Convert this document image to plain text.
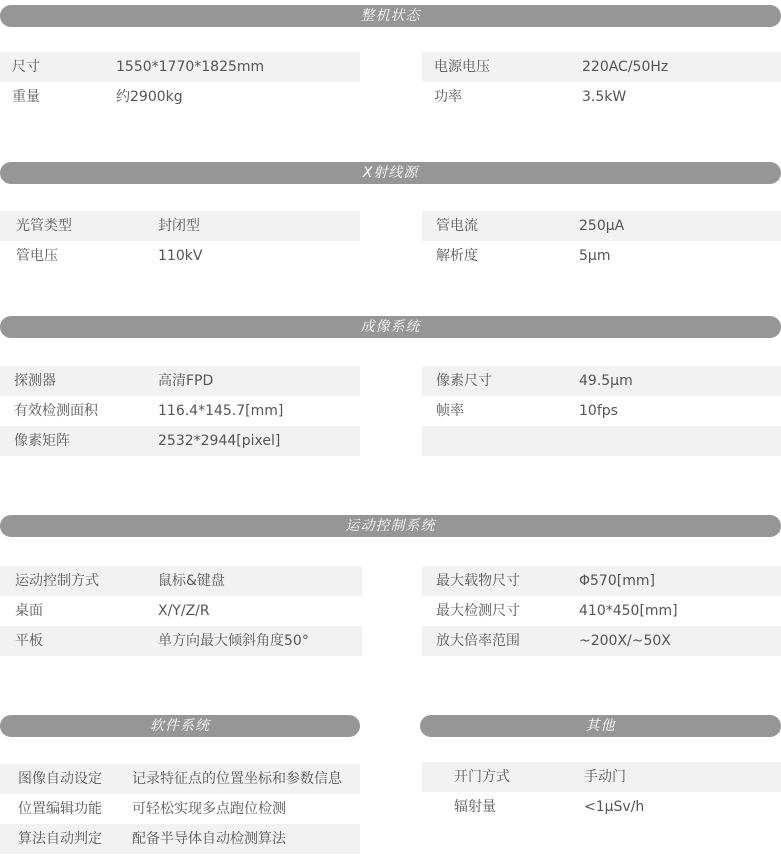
整机状态
尺寸	1550*1770*1825mm
重量	约2900kg
电源电压	220AC/50Hz
功率	3.5kW
X射线源
光管类型	封闭型
管电压	110kV
管电流	250μA
解析度	5μm
成像系统
探测器	高清FPD
有效检测面积	116.4*145.7[mm]
像素矩阵	2532*2944[pixel]
像素尺寸	49.5μm
帧率	10fps
运动控制系统
运动控制方式	鼠标&键盘
桌面	X/Y/Z/R
平板	单方向最大倾斜角度50°
最大载物尺寸	Φ570[mm]
最大检测尺寸	410*450[mm]
放大倍率范围	~200X/~50X
软件系统
图像自动设定 记录特征点的位置坐标和参数信息
位置编辑功能 可轻松实现多点跑位检测
算法自动判定 配备半导体自动检测算法
其他
开门方式	手动门
辐射量	<1μSv/h
